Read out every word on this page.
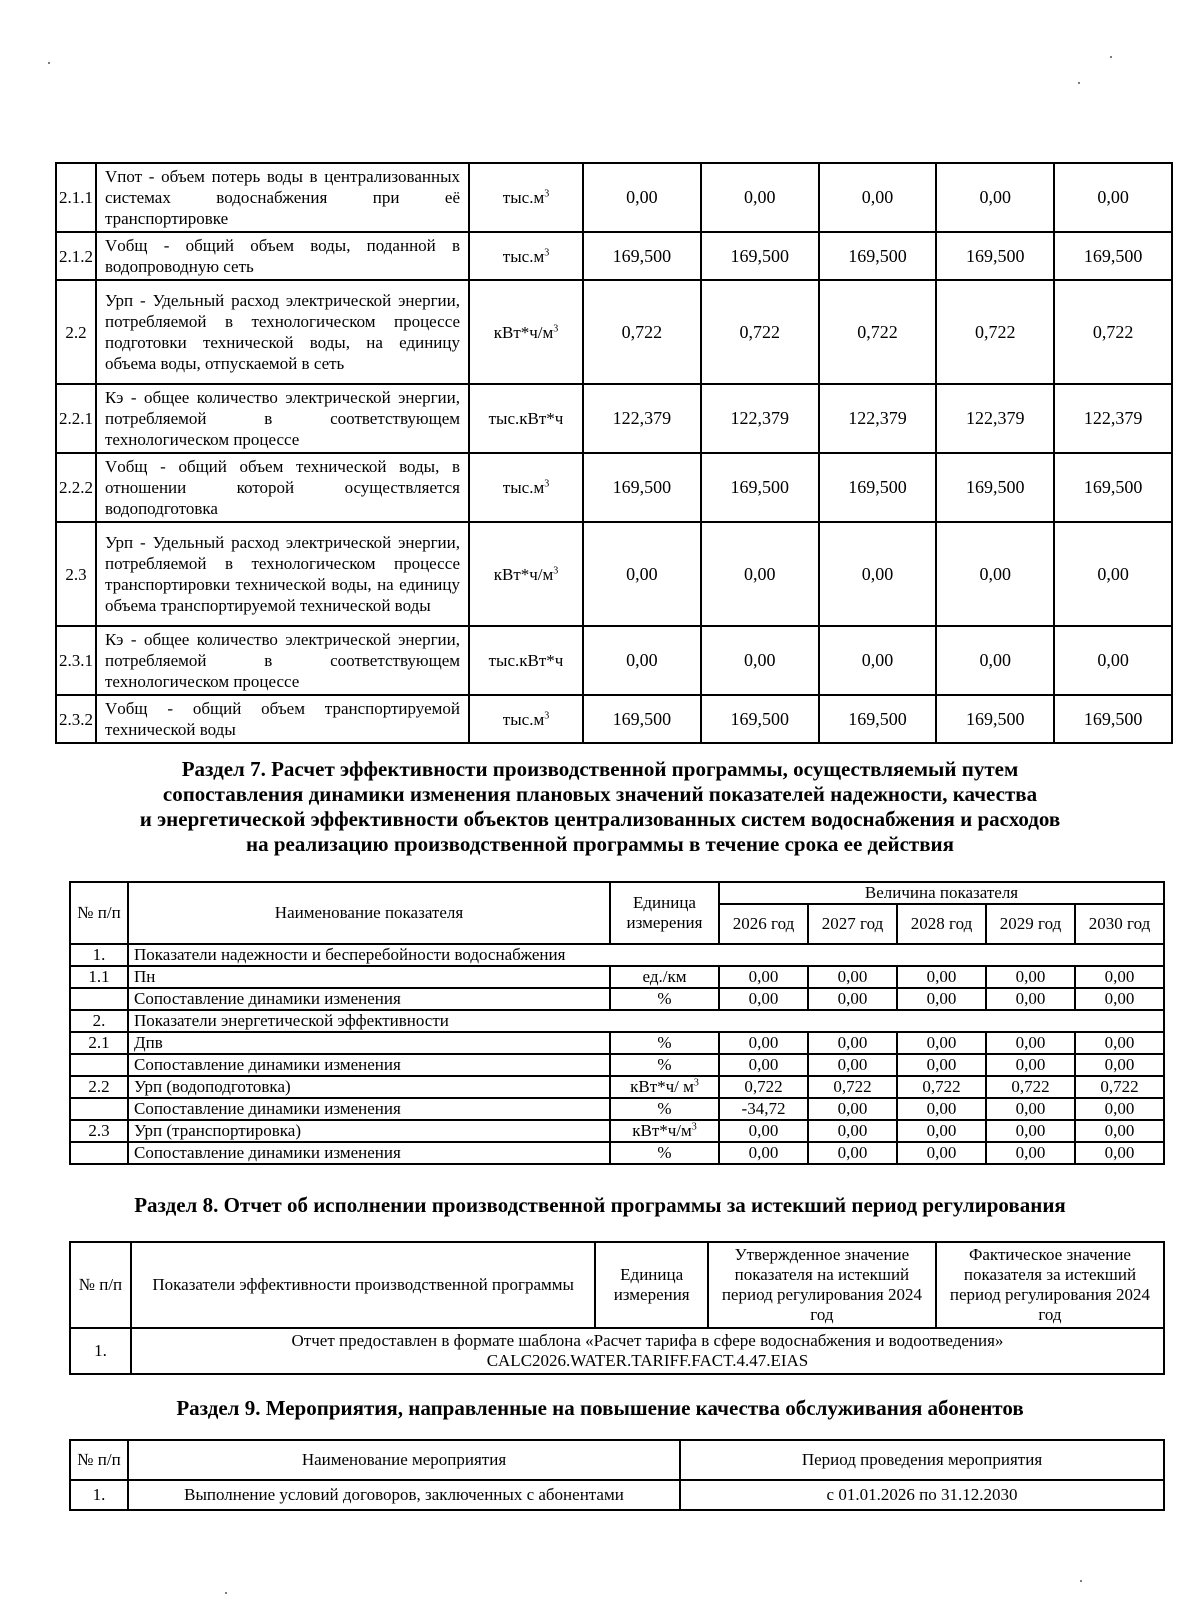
2.1.1	Vпот - объем потерь воды в централизованных системах водоснабжения при её транспортировке	$тыс.м^3$	0,00	0,00	0,00	0,00	0,00
2.1.2	Vобщ - общий объем воды, поданной в водопроводную сеть	$тыс.м^3$	169,500	169,500	169,500	169,500	169,500
2.2	Урп - Удельный расход электрической энергии, потребляемой в технологическом процессе подготовки технической воды, на единицу объема воды, отпускаемой в сеть	$кВт*ч/м^3$	0,722	0,722	0,722	0,722	0,722
2.2.1	Кэ - общее количество электрической энергии, потребляемой в соответствующем технологическом процессе	тыс.кВт*ч	122,379	122,379	122,379	122,379	122,379
2.2.2	Vобщ - общий объем технической воды, в отношении которой осуществляется водоподготовка	$тыс.м^3$	169,500	169,500	169,500	169,500	169,500
2.3	Урп - Удельный расход электрической энергии, потребляемой в технологическом процессе транспортировки технической воды, на единицу объема транспортируемой технической воды	$кВт*ч/м^3$	0,00	0,00	0,00	0,00	0,00
2.3.1	Кэ - общее количество электрической энергии, потребляемой в соответствующем технологическом процессе	тыс.кВт*ч	0,00	0,00	0,00	0,00	0,00
2.3.2	Vобщ - общий объем транспортируемой технической воды	$тыс.м^3$	169,500	169,500	169,500	169,500	169,500
Раздел 7. Расчет эффективности производственной программы, осуществляемый путем
сопоставления динамики изменения плановых значений показателей надежности, качества
и энергетической эффективности объектов централизованных систем водоснабжения и расходов
на реализацию производственной программы в течение срока ее действия
№ п/п	Наименование показателя	Единица измерения	Величина показателя				
			2026 год	2027 год	2028 год	2029 год	2030 год
1.	Показатели надежности и бесперебойности водоснабжения						
1.1	Пн	ед./км	0,00	0,00	0,00	0,00	0,00
	Сопоставление динамики изменения	%	0,00	0,00	0,00	0,00	0,00
2.	Показатели энергетической эффективности						
2.1	Дпв	%	0,00	0,00	0,00	0,00	0,00
	Сопоставление динамики изменения	%	0,00	0,00	0,00	0,00	0,00
2.2	Урп (водоподготовка)	кВт*ч/ $м^3$	0,722	0,722	0,722	0,722	0,722
	Сопоставление динамики изменения	%	-34,72	0,00	0,00	0,00	0,00
2.3	Урп (транспортировка)	$кВт*ч/м^3$	0,00	0,00	0,00	0,00	0,00
	Сопоставление динамики изменения	%	0,00	0,00	0,00	0,00	0,00
Раздел 8. Отчет об исполнении производственной программы за истекший период регулирования
№ п/п	Показатели эффективности производственной программы	Единица измерения	Утвержденное значение показателя на истекший период регулирования 2024 год	Фактическое значение показателя за истекший период регулирования 2024 год
1.	Отчет предоставлен в формате шаблона «Расчет тарифа в сфере водоснабжения и водоотведения»
CALC2026.WATER.TARIFF.FACT.4.47.EIAS			
Раздел 9. Мероприятия, направленные на повышение качества обслуживания абонентов
№ п/п	Наименование мероприятия	Период проведения мероприятия
1.	Выполнение условий договоров, заключенных с абонентами	с 01.01.2026 по 31.12.2030
